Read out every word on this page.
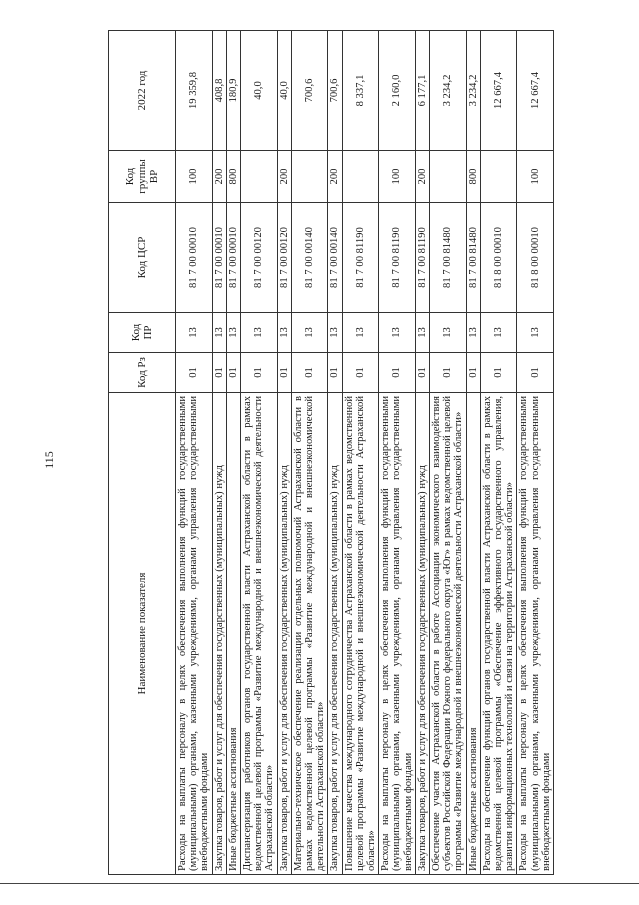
115
Наименование показателя	Код Рз	Код ПР	Код ЦСР	Код группы ВР	2022 год
Расходы на выплаты персоналу в целях обеспечения выполнения функций государственными (муниципальными) органами, казенными учреждениями, органами управления государственными внебюджетными фондами	01	13	81 7 00 00010	100	19 359,8
Закупка товаров, работ и услуг для обеспечения государственных (муниципальных) нужд	01	13	81 7 00 00010	200	408,8
Иные бюджетные ассигнования	01	13	81 7 00 00010	800	180,9
Диспансеризация работников органов государственной власти Астраханской области в рамках ведомственной целевой программы «Развитие международной и внешнеэкономической деятельности Астраханской области»	01	13	81 7 00 00120		40,0
Закупка товаров, работ и услуг для обеспечения государственных (муниципальных) нужд	01	13	81 7 00 00120	200	40,0
Материально-техническое обеспечение реализации отдельных полномочий Астраханской области в рамках ведомственной целевой программы «Развитие международной и внешнеэкономической деятельности Астраханской области»	01	13	81 7 00 00140		700,6
Закупка товаров, работ и услуг для обеспечения государственных (муниципальных) нужд	01	13	81 7 00 00140	200	700,6
Повышение качества международного сотрудничества Астраханской области в рамках ведомственной целевой программы «Развитие международной и внешнеэкономической деятельности Астраханской области»	01	13	81 7 00 81190		8 337,1
Расходы на выплаты персоналу в целях обеспечения выполнения функций государственными (муниципальными) органами, казенными учреждениями, органами управления государственными внебюджетными фондами	01	13	81 7 00 81190	100	2 160,0
Закупка товаров, работ и услуг для обеспечения государственных (муниципальных) нужд	01	13	81 7 00 81190	200	6 177,1
Обеспечение участия Астраханской области в работе Ассоциации экономического взаимодействия субъектов Российской Федерации Южного федерального округа «Юг» в рамках ведомственной целевой программы «Развитие международной и внешнеэкономической деятельности Астраханской области»	01	13	81 7 00 81480		3 234,2
Иные бюджетные ассигнования	01	13	81 7 00 81480	800	3 234,2
Расходы на обеспечение функций органов государственной власти Астраханской области в рамках ведомственной целевой программы «Обеспечение эффективного государственного управления, развития информационных технологий и связи на территории Астраханской области»	01	13	81 8 00 00010		12 667,4
Расходы на выплаты персоналу в целях обеспечения выполнения функций государственными (муниципальными) органами, казенными учреждениями, органами управления государственными внебюджетными фондами	01	13	81 8 00 00010	100	12 667,4
